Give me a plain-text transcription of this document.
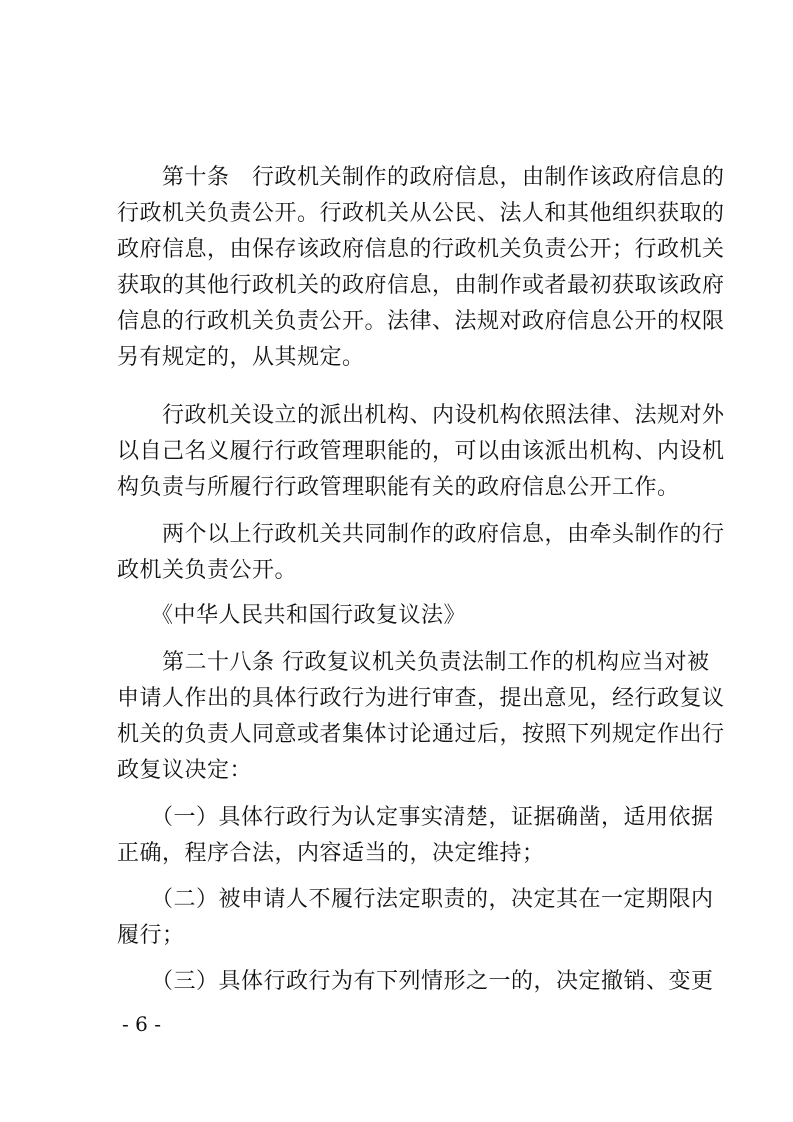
　　第十条　行政机关制作的政府信息，由制作该政府信息的
行政机关负责公开。行政机关从公民、法人和其他组织获取的
政府信息，由保存该政府信息的行政机关负责公开；行政机关
获取的其他行政机关的政府信息，由制作或者最初获取该政府
信息的行政机关负责公开。法律、法规对政府信息公开的权限
另有规定的，从其规定。
　　行政机关设立的派出机构、内设机构依照法律、法规对外
以自己名义履行行政管理职能的，可以由该派出机构、内设机
构负责与所履行行政管理职能有关的政府信息公开工作。
　　两个以上行政机关共同制作的政府信息，由牵头制作的行
政机关负责公开。
　　《中华人民共和国行政复议法》
　　第二十八条 行政复议机关负责法制工作的机构应当对被
申请人作出的具体行政行为进行审查，提出意见，经行政复议
机关的负责人同意或者集体讨论通过后，按照下列规定作出行
政复议决定：
　　（一）具体行政行为认定事实清楚，证据确凿，适用依据
正确，程序合法，内容适当的，决定维持；
　　（二）被申请人不履行法定职责的，决定其在一定期限内
履行；
　　（三）具体行政行为有下列情形之一的，决定撤销、变更
- 6 -
